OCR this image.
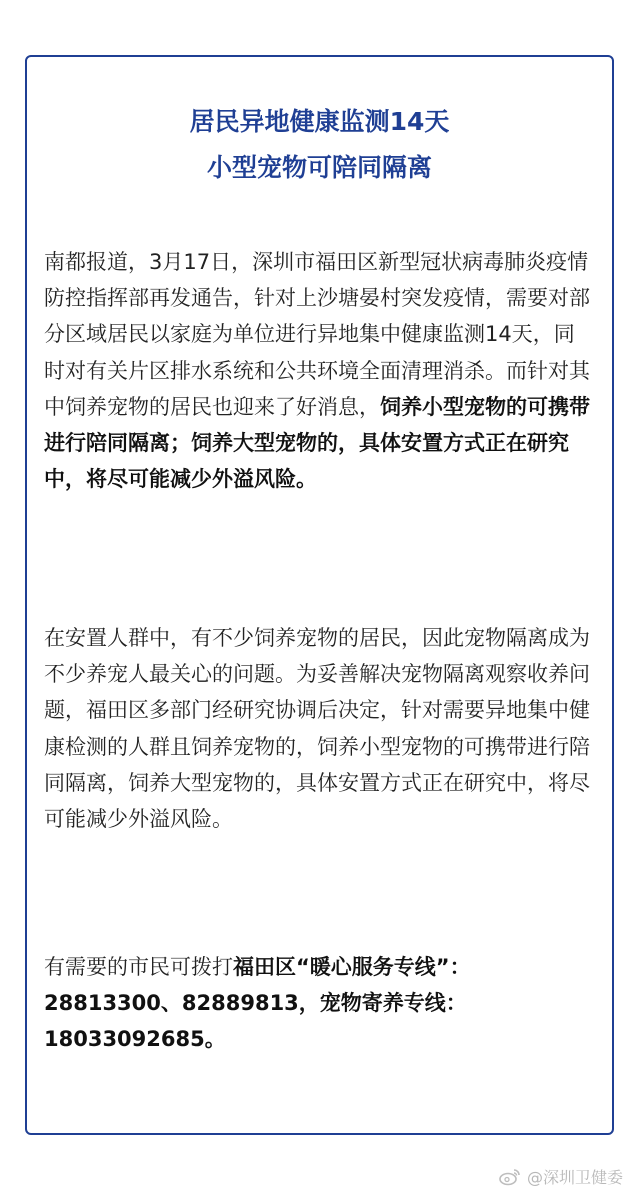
居民异地健康监测14天
小型宠物可陪同隔离

南都报道，3月17日，深圳市福田区新型冠状病毒肺炎疫情防控指挥部再发通告，针对上沙塘晏村突发疫情，需要对部分区域居民以家庭为单位进行异地集中健康监测14天，同时对有关片区排水系统和公共环境全面清理消杀。而针对其中饲养宠物的居民也迎来了好消息，饲养小型宠物的可携带进行陪同隔离；饲养大型宠物的，具体安置方式正在研究中，将尽可能减少外溢风险。

在安置人群中，有不少饲养宠物的居民，因此宠物隔离成为不少养宠人最关心的问题。为妥善解决宠物隔离观察收养问题，福田区多部门经研究协调后决定，针对需要异地集中健康检测的人群且饲养宠物的，饲养小型宠物的可携带进行陪同隔离，饲养大型宠物的，具体安置方式正在研究中，将尽可能减少外溢风险。

有需要的市民可拨打福田区“暖心服务专线”：28813300、82889813，宠物寄养专线：18033092685。

@深圳卫健委
